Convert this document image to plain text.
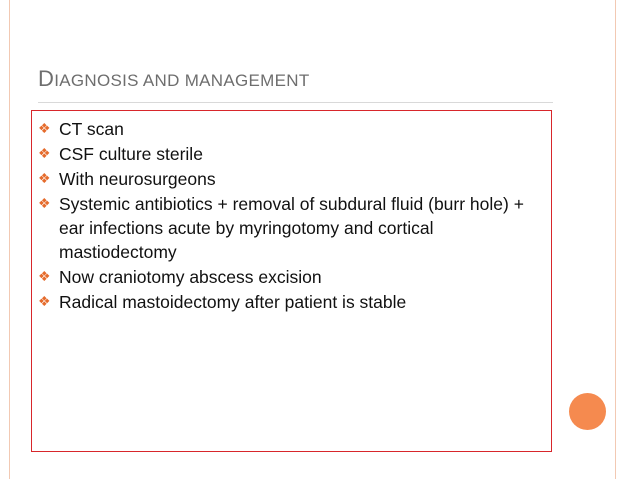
DIAGNOSIS AND MANAGEMENT
❖ CT scan
❖ CSF culture sterile
❖ With neurosurgeons
❖ Systemic antibiotics + removal of subdural fluid (burr hole) + ear infections acute by myringotomy and cortical mastiodectomy
❖ Now craniotomy abscess excision
❖ Radical mastoidectomy after patient is stable
